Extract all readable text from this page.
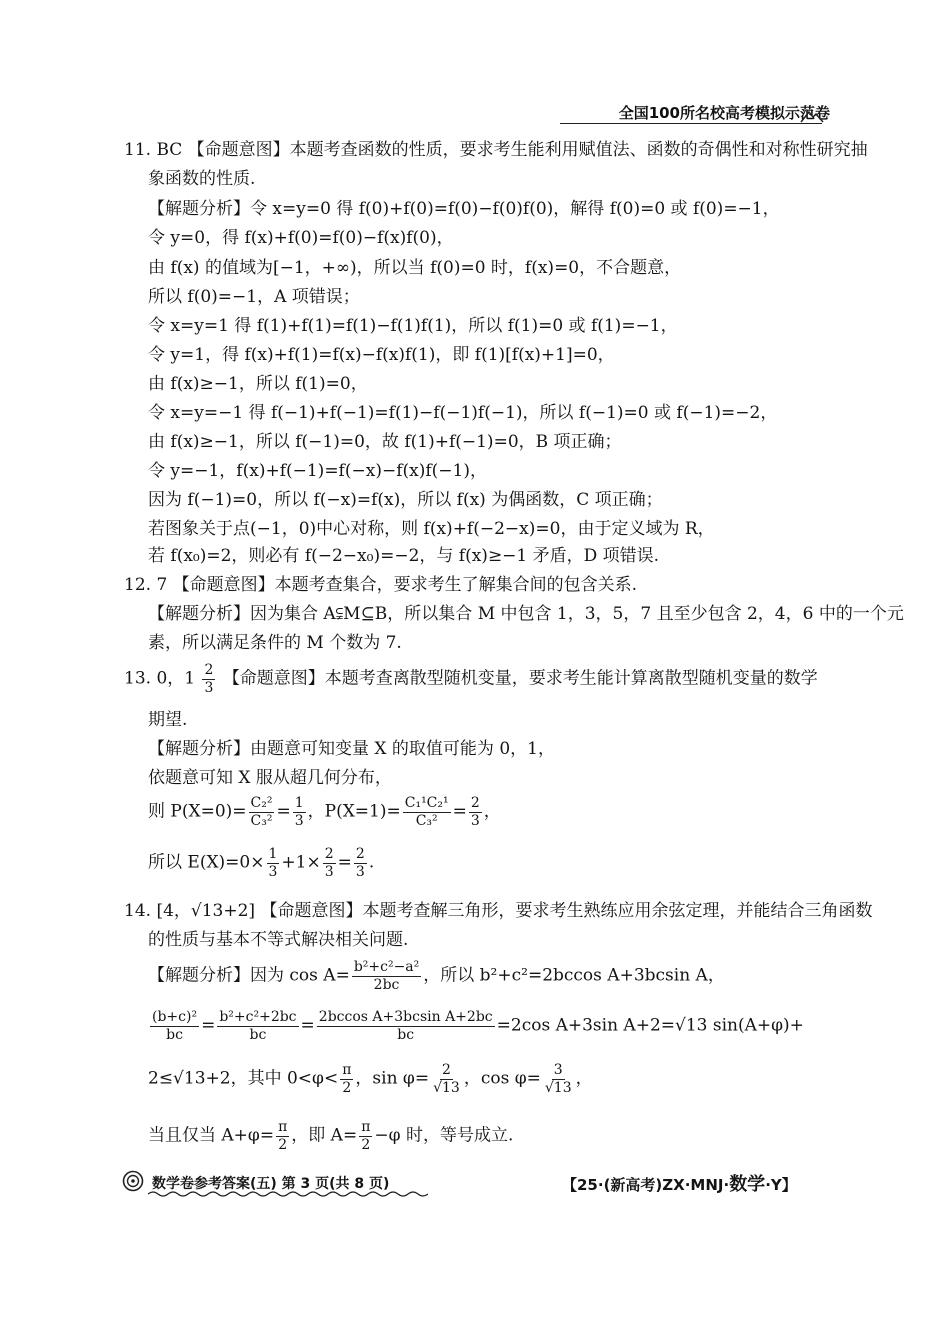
全国100所名校高考模拟示范卷
11. BC 【命题意图】本题考查函数的性质，要求考生能利用赋值法、函数的奇偶性和对称性研究抽
象函数的性质.
【解题分析】令 x=y=0 得 f(0)+f(0)=f(0)−f(0)f(0)，解得 f(0)=0 或 f(0)=−1，
令 y=0，得 f(x)+f(0)=f(0)−f(x)f(0)，
由 f(x) 的值域为[−1，+∞)，所以当 f(0)=0 时，f(x)=0，不合题意，
所以 f(0)=−1，A 项错误；
令 x=y=1 得 f(1)+f(1)=f(1)−f(1)f(1)，所以 f(1)=0 或 f(1)=−1，
令 y=1，得 f(x)+f(1)=f(x)−f(x)f(1)，即 f(1)[f(x)+1]=0，
由 f(x)≥−1，所以 f(1)=0，
令 x=y=−1 得 f(−1)+f(−1)=f(1)−f(−1)f(−1)，所以 f(−1)=0 或 f(−1)=−2，
由 f(x)≥−1，所以 f(−1)=0，故 f(1)+f(−1)=0，B 项正确；
令 y=−1，f(x)+f(−1)=f(−x)−f(x)f(−1)，
因为 f(−1)=0，所以 f(−x)=f(x)，所以 f(x) 为偶函数，C 项正确；
若图象关于点(−1，0)中心对称，则 f(x)+f(−2−x)=0，由于定义域为 R，
若 f(x₀)=2，则必有 f(−2−x₀)=−2，与 f(x)≥−1 矛盾，D 项错误.
12. 7 【命题意图】本题考查集合，要求考生了解集合间的包含关系.
【解题分析】因为集合 A⫋M⊆B，所以集合 M 中包含 1，3，5，7 且至少包含 2，4，6 中的一个元
素，所以满足条件的 M 个数为 7.
13. 0，$1 \frac{2}{3}$ 【命题意图】本题考查离散型随机变量，要求考生能计算离散型随机变量的数学
期望.
【解题分析】由题意可知变量 X 的取值可能为 0，1，
依题意可知 X 服从超几何分布，
则 $P(X=0)= \frac{\text{C₂²}}{\text{C₃²}} = \frac{1}{3}$ ，$P(X=1)= \frac{\text{C₁¹C₂¹}}{\text{C₃²}} = \frac{2}{3}$ ，
所以 $E(X)=0\times \frac{1}{3} +1\times \frac{2}{3} = \frac{2}{3}$ .
14. [4，√13+2] 【命题意图】本题考查解三角形，要求考生熟练应用余弦定理，并能结合三角函数
的性质与基本不等式解决相关问题.
【解题分析】因为 $\cos A= \frac{\text{b²+c²−a²}}{2bc}$ ，所以 b²+c²=2bccos A+3bcsin A，
$\frac{\text{(b+c)²}}{bc} = \frac{\text{b²+c²+2bc}}{bc} = \frac{\text{2bccos A+3bcsin A+2bc}}{bc} =2\cos$ A+3sin A+2=√13 sin(A+φ)+
2≤√13+2，其中 $0<\varphi< \frac{\pi}{2}$ ，$\sin \varphi= \frac{2}{√13}$ ，$\cos \varphi= \frac{3}{√13}$ ，
当且仅当 $A+\varphi= \frac{\pi}{2}$ ，即 $A= \frac{\pi}{2} -\varphi$ 时，等号成立.
数学卷参考答案(五) 第 3 页(共 8 页)	【25·(新高考)ZX·MNJ·数学·Y】
